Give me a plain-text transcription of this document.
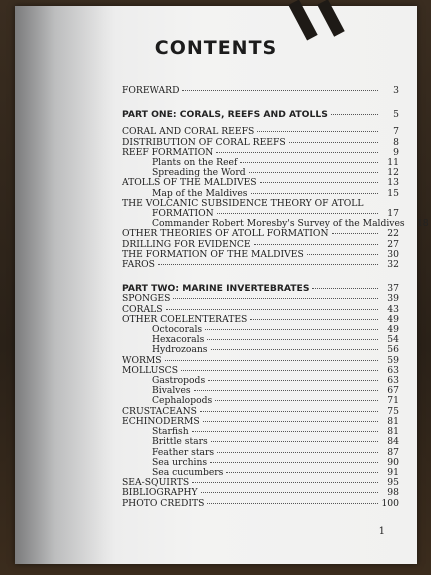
CONTENTS
FOREWARD	3
PART ONE: CORALS, REEFS AND ATOLLS	5
CORAL AND CORAL REEFS	7
DISTRIBUTION OF CORAL REEFS	8
REEF FORMATION	9
Plants on the Reef	11
Spreading the Word	12
ATOLLS OF THE MALDIVES	13
Map of the Maldives	15
THE VOLCANIC SUBSIDENCE THEORY OF ATOLL
FORMATION	17
Commander Robert Moresby's Survey of the Maldives	18
OTHER THEORIES OF ATOLL FORMATION	22
DRILLING FOR EVIDENCE	27
THE FORMATION OF THE MALDIVES	30
FAROS	32
PART TWO: MARINE INVERTEBRATES	37
SPONGES	39
CORALS	43
OTHER COELENTERATES	49
Octocorals	49
Hexacorals	54
Hydrozoans	56
WORMS	59
MOLLUSCS	63
Gastropods	63
Bivalves	67
Cephalopods	71
CRUSTACEANS	75
ECHINODERMS	81
Starfish	81
Brittle stars	84
Feather stars	87
Sea urchins	90
Sea cucumbers	91
SEA-SQUIRTS	95
BIBLIOGRAPHY	98
PHOTO CREDITS	100
1
